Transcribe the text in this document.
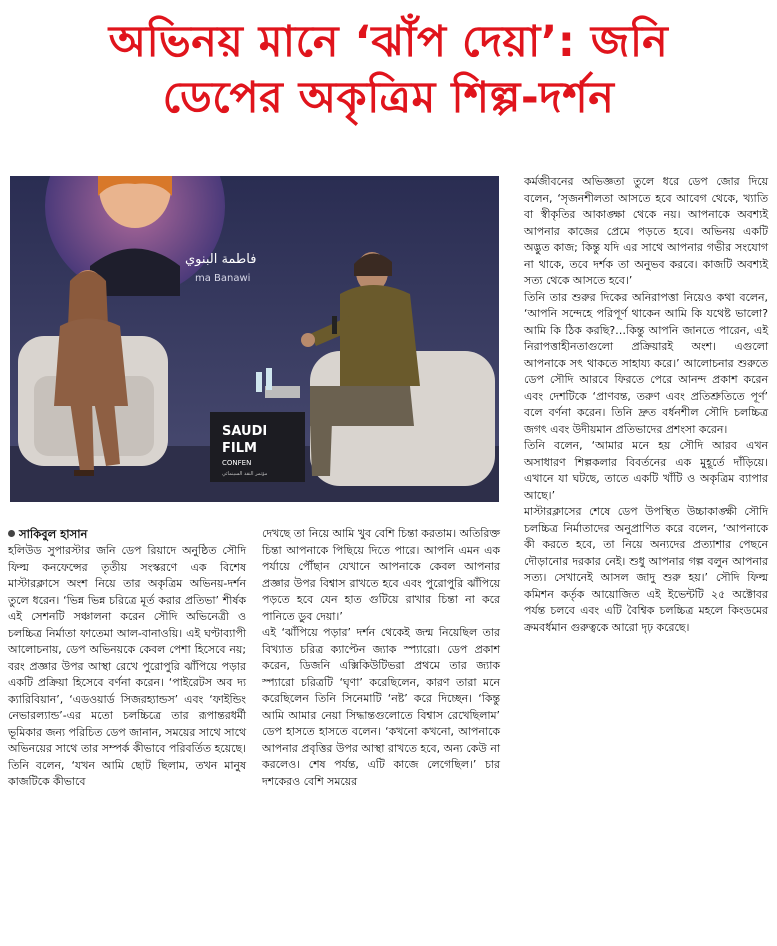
অভিনয় মানে ‘ঝাঁপ দেয়া’: জনি
ডেপের অকৃত্রিম শিল্প-দর্শন
فاطمة البنوي
ma Banawi
SAUDI
FILM
CONFEN
مؤتمر النقد السينمائي

কর্মজীবনের অভিজ্ঞতা তুলে ধরে ডেপ জোর দিয়ে বলেন, ‘সৃজনশীলতা আসতে হবে আবেগ থেকে, খ্যাতি বা স্বীকৃতির আকাঙ্ক্ষা থেকে নয়। আপনাকে অবশ্যই আপনার কাজের প্রেমে পড়তে হবে। অভিনয় একটি অদ্ভুত কাজ; কিন্তু যদি এর সাথে আপনার গভীর সংযোগ না থাকে, তবে দর্শক তা অনুভব করবে। কাজটি অবশ্যই সত্য থেকে আসতে হবে।’

তিনি তার শুরুর দিকের অনিরাপত্তা নিয়েও কথা বলেন, ‘আপনি সন্দেহে পরিপূর্ণ থাকেন আমি কি যথেষ্ট ভালো? আমি কি ঠিক করছি?…কিন্তু আপনি জানতে পারেন, এই নিরাপত্তাহীনতাগুলো প্রক্রিয়ারই অংশ। এগুলো আপনাকে সৎ থাকতে সাহায্য করে।’ আলোচনার শুরুতে ডেপ সৌদি আরবে ফিরতে পেরে আনন্দ প্রকাশ করেন এবং দেশটিকে ‘প্রাণবন্ত, তরুণ এবং প্রতিশ্রুতিতে পূর্ণ’ বলে বর্ণনা করেন। তিনি দ্রুত বর্ধনশীল সৌদি চলচ্চিত্র জগৎ এবং উদীয়মান প্রতিভাদের প্রশংসা করেন।

তিনি বলেন, ‘আমার মনে হয় সৌদি আরব এখন অসাধারণ শিল্পকলার বিবর্তনের এক মুহূর্তে দাঁড়িয়ে। এখানে যা ঘটছে, তাতে একটি খাঁটি ও অকৃত্রিম ব্যাপার আছে।’

মাস্টারক্লাসের শেষে ডেপ উপস্থিত উচ্চাকাঙ্ক্ষী সৌদি চলচ্চিত্র নির্মাতাদের অনুপ্রাণিত করে বলেন, ‘আপনাকে কী করতে হবে, তা নিয়ে অন্যদের প্রত্যাশার পেছনে দৌড়ানোর দরকার নেই। শুধু আপনার গল্প বলুন আপনার সত্য। সেখানেই আসল জাদু শুরু হয়।’ সৌদি ফিল্ম কমিশন কর্তৃক আয়োজিত এই ইভেন্টটি ২৫ অক্টোবর পর্যন্ত চলবে এবং এটি বৈশ্বিক চলচ্চিত্র মহলে কিংডমের ক্রমবর্ধমান গুরুত্বকে আরো দৃঢ় করেছে।

সাকিবুল হাসান

হলিউড সুপারস্টার জনি ডেপ রিয়াদে অনুষ্ঠিত সৌদি ফিল্ম কনফেন্সের তৃতীয় সংস্করণে এক বিশেষ মাস্টারক্লাসে অংশ নিয়ে তার অকৃত্রিম অভিনয়-দর্শন তুলে ধরেন। ‘ভিন্ন ভিন্ন চরিত্রে মূর্ত করার প্রতিভা’ শীর্ষক এই সেশনটি সঞ্চালনা করেন সৌদি অভিনেত্রী ও চলচ্চিত্র নির্মাতা ফাতেমা আল-বানাওয়ি। এই ঘণ্টাব্যাপী আলোচনায়, ডেপ অভিনয়কে কেবল পেশা হিসেবে নয়; বরং প্রজ্ঞার উপর আস্থা রেখে পুরোপুরি ঝাঁপিয়ে পড়ার একটি প্রক্রিয়া হিসেবে বর্ণনা করেন। ‘পাইরেটস অব দ্য ক্যারিবিয়ান’, ‘এডওয়ার্ড সিজরহ্যান্ডস’ এবং ‘ফাইন্ডিং নেভারল্যান্ড’-এর মতো চলচ্চিত্রে তার রূপান্তরধর্মী ভূমিকার জন্য পরিচিত ডেপ জানান, সময়ের সাথে সাথে অভিনয়ের সাথে তার সম্পর্ক কীভাবে পরিবর্তিত হয়েছে। তিনি বলেন, ‘যখন আমি ছোট ছিলাম, তখন মানুষ কাজটিকে কীভাবে

দেখছে তা নিয়ে আমি খুব বেশি চিন্তা করতাম। অতিরিক্ত চিন্তা আপনাকে পিছিয়ে দিতে পারে। আপনি এমন এক পর্যায়ে পৌঁছান যেখানে আপনাকে কেবল আপনার প্রজ্ঞার উপর বিশ্বাস রাখতে হবে এবং পুরোপুরি ঝাঁপিয়ে পড়তে হবে যেন হাত গুটিয়ে রাখার চিন্তা না করে পানিতে ডুব দেয়া।’

এই ‘ঝাঁপিয়ে পড়ার’ দর্শন থেকেই জন্ম নিয়েছিল তার বিখ্যাত চরিত্র ক্যাপ্টেন জ্যাক স্প্যারো। ডেপ প্রকাশ করেন, ডিজনি এক্সিকিউটিভরা প্রথমে তার জ্যাক স্প্যারো চরিত্রটি ‘ঘৃণা’ করেছিলেন, কারণ তারা মনে করেছিলেন তিনি সিনেমাটি ‘নষ্ট’ করে দিচ্ছেন। ‘কিন্তু আমি আমার নেয়া সিদ্ধান্তগুলোতে বিশ্বাস রেখেছিলাম’ ডেপ হাসতে হাসতে বলেন। ‘কখনো কখনো, আপনাকে আপনার প্রবৃত্তির উপর আস্থা রাখতে হবে, অন্য কেউ না করলেও। শেষ পর্যন্ত, এটি কাজে লেগেছিল।’ চার দশকেরও বেশি সময়ের
